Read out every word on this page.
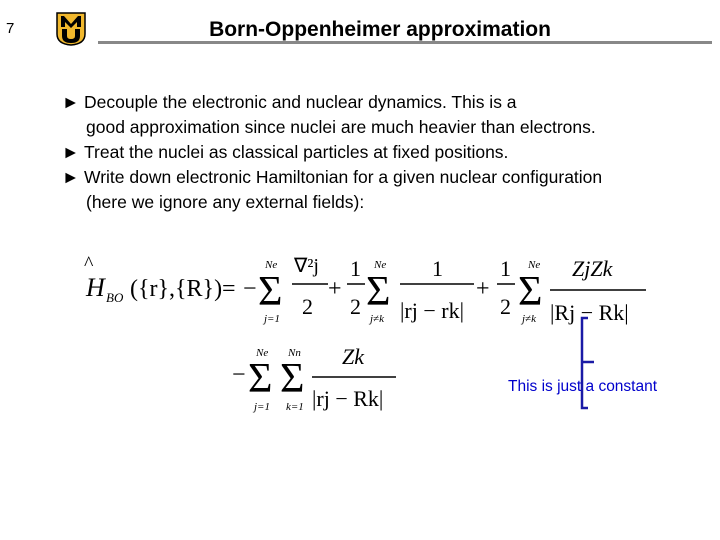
7	Born-Oppenheimer approximation
► Decouple the electronic and nuclear dynamics. This is a
good approximation since nuclei are much heavier than electrons.
► Treat the nuclei as classical particles at fixed positions.
► Write down electronic Hamiltonian for a given nuclear configuration
(here we ignore any external fields):
H
^
BO ({r},{R}) = −
Ne
Σ
j=1
∇²j
2
+
1
2
Ne
Σ
j≠k
1
|rj − rk|
+
1
2
Ne
Σ
j≠k
ZjZk
|Rj − Rk|
−
Ne
Σ
j=1
Nn
Σ
k=1
Zk
|rj − Rk|	This is just a constant
